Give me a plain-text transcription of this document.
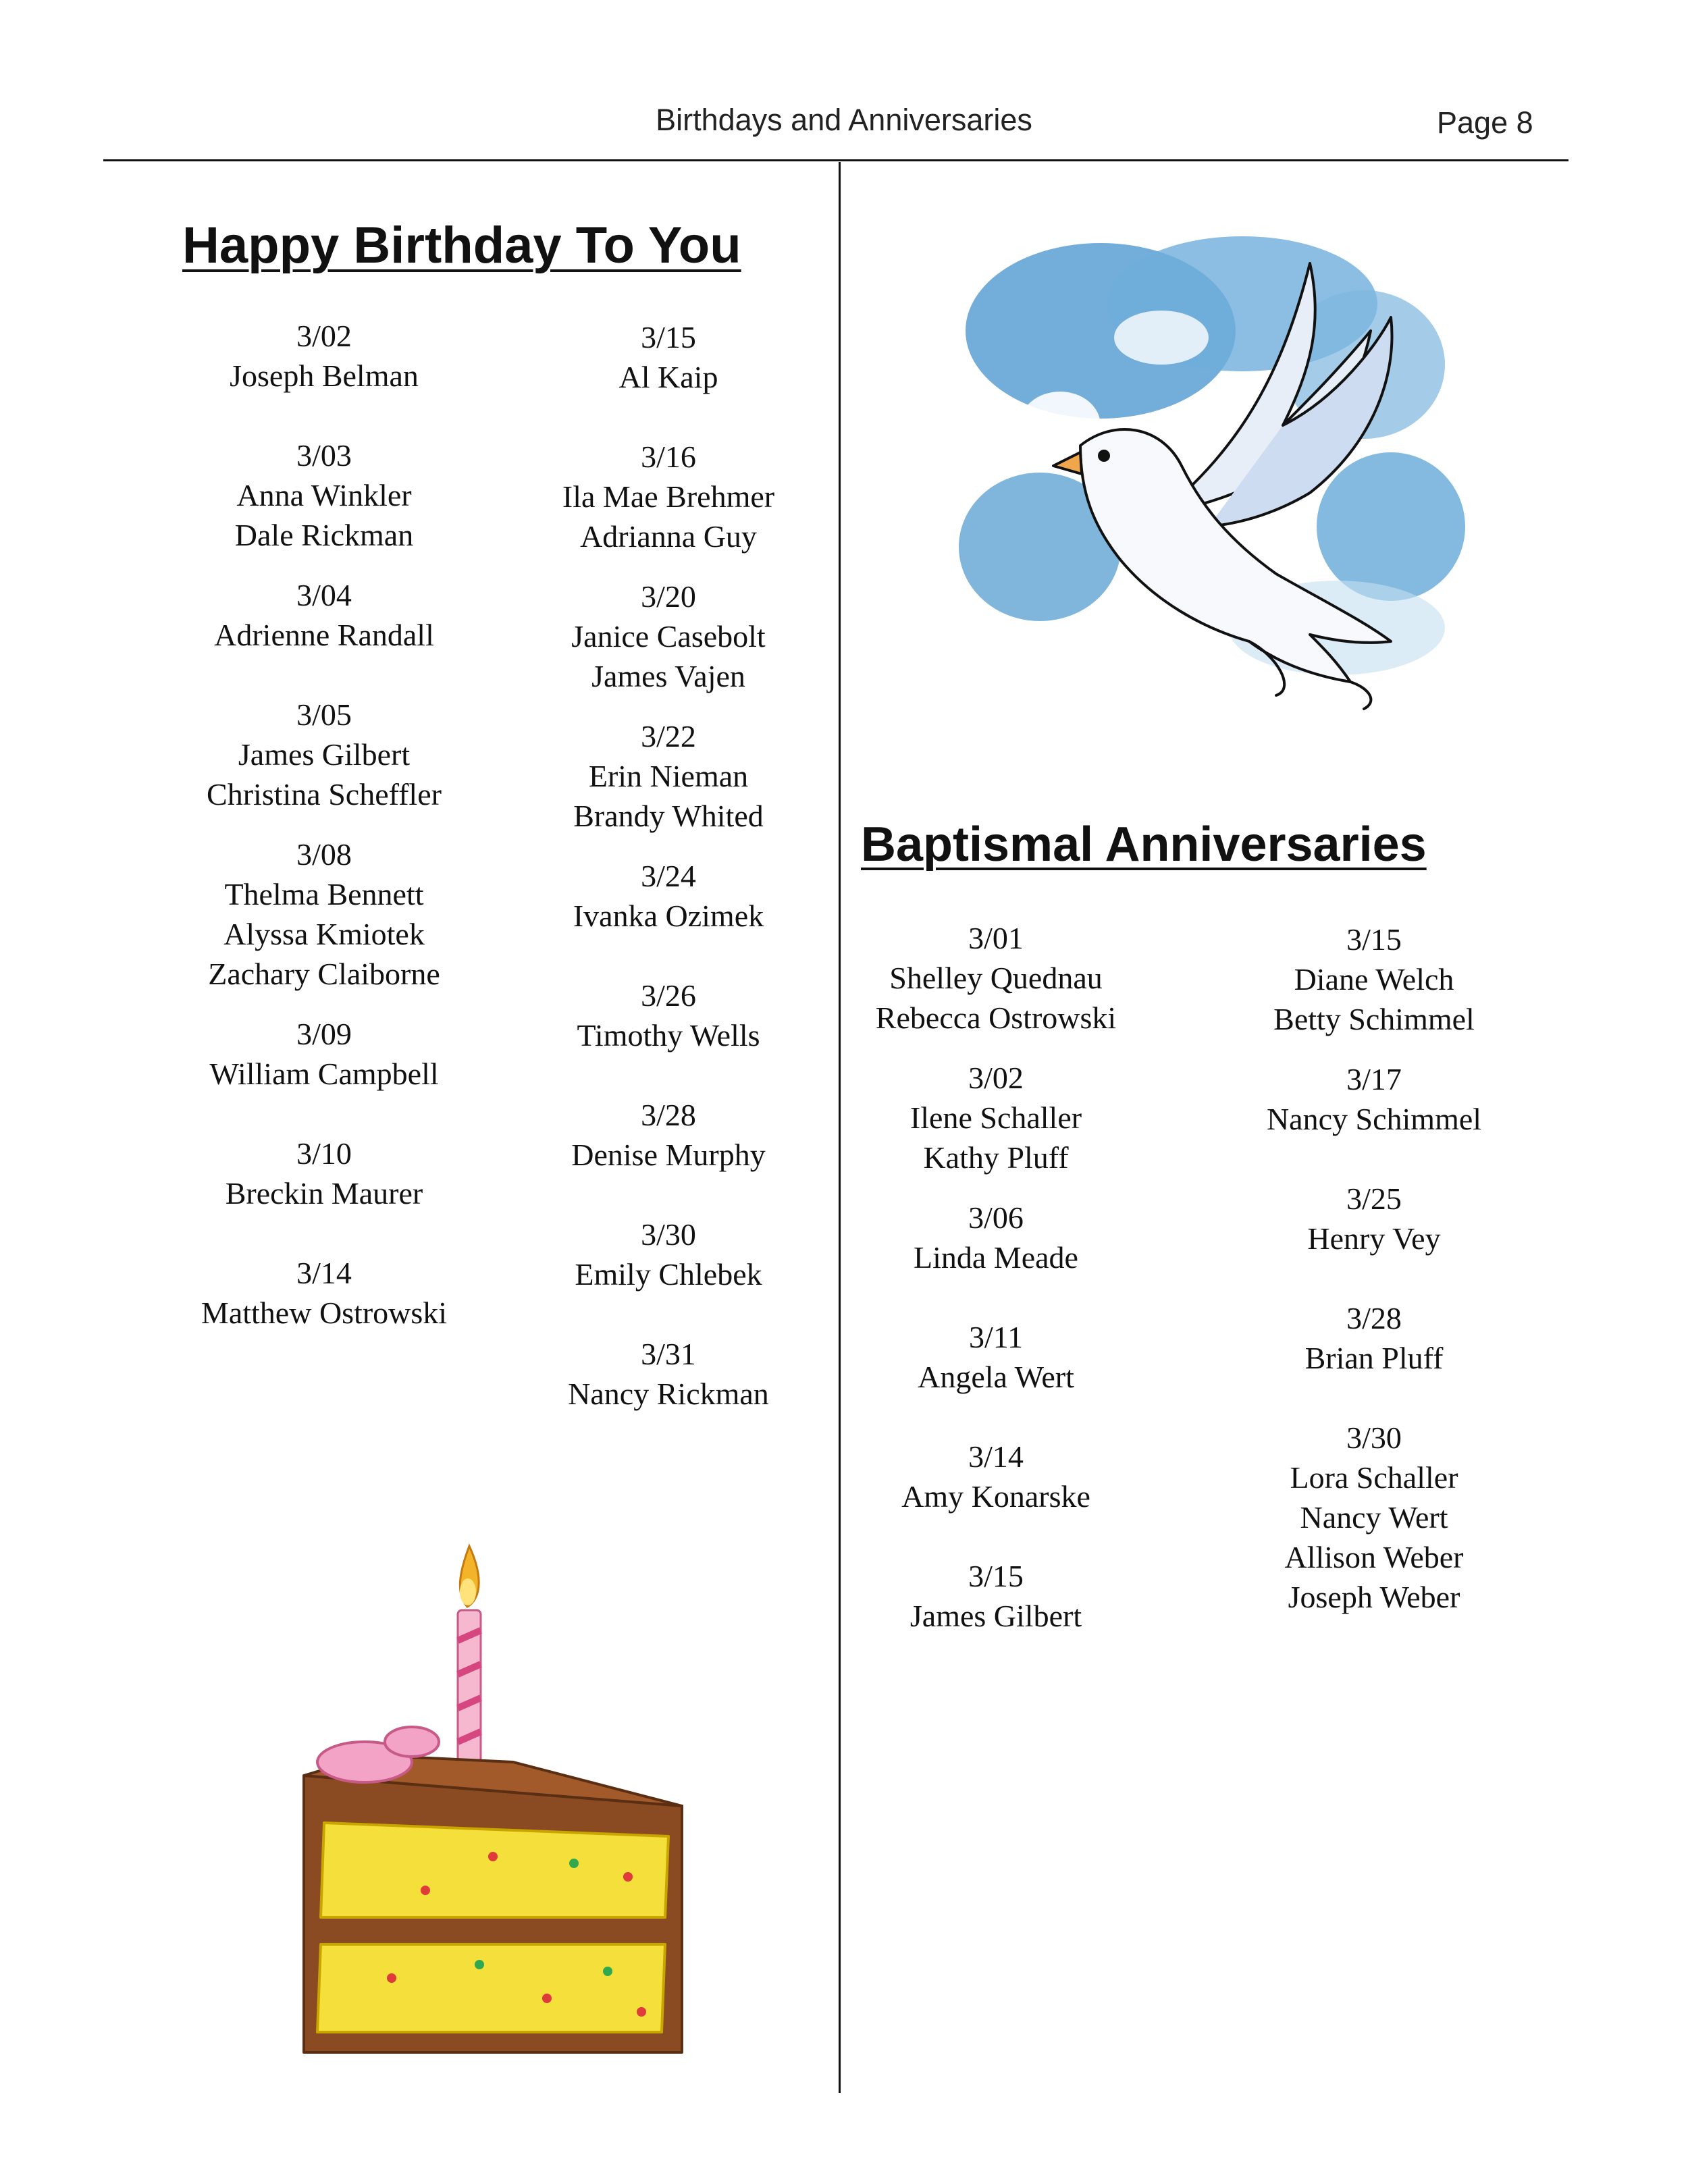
Birthdays and Anniversaries	Page 8
Happy Birthday To You
Baptismal Anniversaries
3/02
Joseph Belman
3/03
Anna Winkler
Dale Rickman
3/04
Adrienne Randall
3/05
James Gilbert
Christina Scheffler
3/08
Thelma Bennett
Alyssa Kmiotek
Zachary Claiborne
3/09
William Campbell
3/10
Breckin Maurer
3/14
Matthew Ostrowski
3/15
Al Kaip
3/16
Ila Mae Brehmer
Adrianna Guy
3/20
Janice Casebolt
James Vajen
3/22
Erin Nieman
Brandy Whited
3/24
Ivanka Ozimek
3/26
Timothy Wells
3/28
Denise Murphy
3/30
Emily Chlebek
3/31
Nancy Rickman
3/01
Shelley Quednau
Rebecca Ostrowski
3/02
Ilene Schaller
Kathy Pluff
3/06
Linda Meade
3/11
Angela Wert
3/14
Amy Konarske
3/15
James Gilbert
3/15
Diane Welch
Betty Schimmel
3/17
Nancy Schimmel
3/25
Henry Vey
3/28
Brian Pluff
3/30
Lora Schaller
Nancy Wert
Allison Weber
Joseph Weber
